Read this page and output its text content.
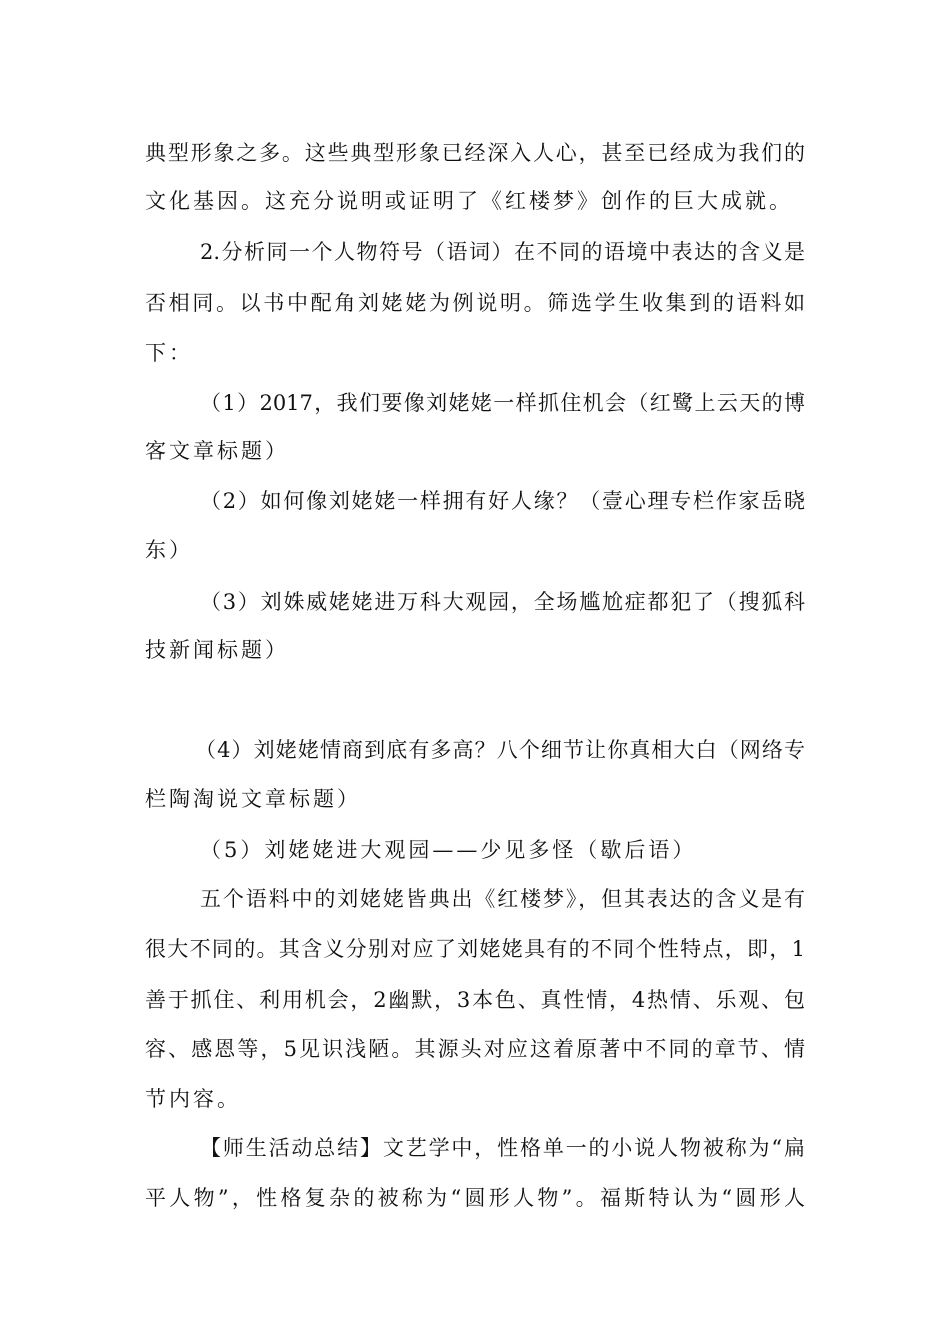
典型形象之多。这些典型形象已经深入人心，甚至已经成为我们的
文化基因。这充分说明或证明了《红楼梦》创作的巨大成就。
2.分析同一个人物符号（语词）在不同的语境中表达的含义是
否相同。以书中配角刘姥姥为例说明。筛选学生收集到的语料如
下：
（1）2017，我们要像刘姥姥一样抓住机会（红鹭上云天的博
客文章标题）
（2）如何像刘姥姥一样拥有好人缘？（壹心理专栏作家岳晓
东）
（3）刘姝威姥姥进万科大观园，全场尴尬症都犯了（搜狐科
技新闻标题）
（4）刘姥姥情商到底有多高？八个细节让你真相大白（网络专
栏陶淘说文章标题）
（5）刘姥姥进大观园——少见多怪（歇后语）
五个语料中的刘姥姥皆典出《红楼梦》，但其表达的含义是有
很大不同的。其含义分别对应了刘姥姥具有的不同个性特点，即，1
善于抓住、利用机会，2幽默，3本色、真性情，4热情、乐观、包
容、感恩等，5见识浅陋。其源头对应这着原著中不同的章节、情
节内容。
【师生活动总结】文艺学中，性格单一的小说人物被称为“扁
平人物”，性格复杂的被称为“圆形人物”。福斯特认为“圆形人
